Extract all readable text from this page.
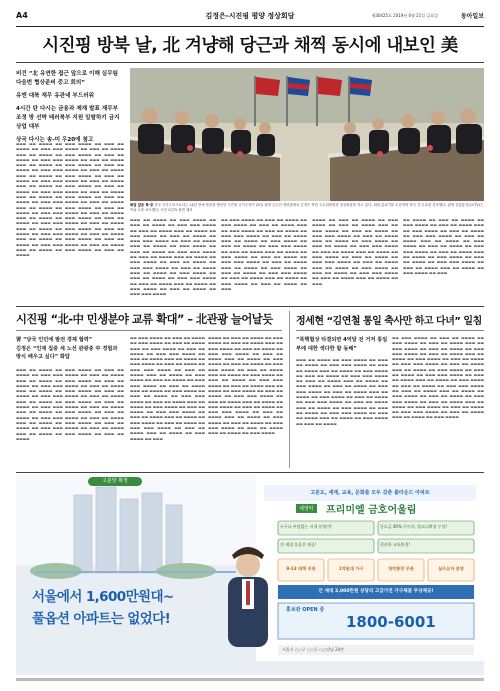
A4	김정은-시진핑 평양 정상회담	제30425호 2019년 6월 21일 금요일	동아일보
시진핑 방북 날, 北 겨냥해 당근과 채찍 동시에 내보인 美

비건 “北 유연한 접근 앞으로 이해 실무팀 다음번 협상준비 중고 회의”

유엔 대북 재무 유관네 부드러워

4시간 탄 다시는 금융과 제재 발표 재무부 조정 방 선박 테러북부 지원 일탈하기 금지 상업 대부

상국 다시는 송-미 우20에 첨고

▬▬▬ ▬▬ ▬▬▬▬ ▬▬ ▬▬▬ ▬▬▬▬ ▬▬ ▬▬▬ ▬▬ ▬▬▬▬ ▬▬ ▬▬▬ ▬▬▬ ▬▬▬▬ ▬▬ ▬▬▬ ▬▬ ▬▬▬▬ ▬▬▬ ▬▬ ▬▬▬▬ ▬▬ ▬▬▬ ▬▬▬▬ ▬▬ ▬▬▬ ▬▬ ▬▬▬▬ ▬▬ ▬▬▬ ▬▬▬ ▬▬▬▬ ▬▬ ▬▬▬ ▬▬ ▬▬▬▬ ▬▬▬ ▬▬ ▬▬▬▬ ▬▬ ▬▬▬ ▬▬▬▬ ▬▬ ▬▬▬ ▬▬ ▬▬▬▬ ▬▬ ▬▬▬ ▬▬▬ ▬▬▬▬ ▬▬ ▬▬▬ ▬▬ ▬▬▬▬ ▬▬▬ ▬▬ ▬▬▬▬ ▬▬ ▬▬▬ ▬▬▬▬ ▬▬ ▬▬▬ ▬▬ ▬▬▬▬ ▬▬ ▬▬▬ ▬▬▬ ▬▬▬▬ ▬▬ ▬▬▬ ▬▬ ▬▬▬▬ ▬▬▬ ▬▬ ▬▬▬▬ ▬▬ ▬▬▬ ▬▬▬▬ ▬▬ ▬▬▬ ▬▬ ▬▬▬▬ ▬▬ ▬▬▬ ▬▬▬ ▬▬▬▬ ▬▬ ▬▬▬ ▬▬ ▬▬▬▬ ▬▬▬ ▬▬ ▬▬▬▬ ▬▬ ▬▬▬ ▬▬▬▬ ▬▬ ▬▬▬ ▬▬ ▬▬▬▬ ▬▬ ▬▬▬ ▬▬▬ ▬▬▬▬ ▬▬ ▬▬▬ ▬▬ ▬▬▬▬ ▬▬▬ ▬▬ ▬▬▬▬ ▬▬ ▬▬▬ ▬▬▬▬ ▬▬ ▬▬▬ ▬▬ ▬▬▬▬ ▬▬ ▬▬▬ ▬▬▬ ▬▬▬▬ ▬▬ ▬▬▬ ▬▬ ▬▬▬▬ ▬▬▬ ▬▬ ▬▬▬▬ ▬▬ ▬▬▬ ▬▬▬▬ ▬▬ ▬▬▬ ▬▬ ▬▬▬▬ ▬▬ ▬▬▬ ▬▬▬ ▬▬▬▬ ▬▬ ▬▬▬ ▬▬ ▬▬▬▬ ▬▬▬ ▬▬ ▬▬▬▬ ▬▬ ▬▬▬ ▬▬▬▬ ▬▬ ▬▬▬ ▬▬ ▬▬▬▬ ▬▬ ▬▬▬ ▬▬▬ ▬▬▬▬ ▬▬ ▬▬▬ ▬▬ ▬▬▬▬ ▬▬▬ ▬▬ ▬▬▬▬ ▬▬ ▬▬▬ ▬▬▬▬ ▬▬ ▬▬▬ ▬▬ ▬▬▬▬ ▬▬ ▬▬▬ ▬▬▬ ▬▬▬▬ ▬▬ ▬▬▬ ▬▬ ▬▬▬▬ ▬▬▬ ▬▬ ▬▬▬▬ ▬▬ ▬▬▬ ▬▬▬▬ ▬▬ ▬▬▬ ▬▬ ▬▬▬▬
회담 앞둔 북·중 중국 국가주석으로서는 14년 만에 북한을 방문한 시진핑 국가주석이 20일 평양 금수산 영빈관에서 김정은 북한 국무위원장과 정상회담을 하고 있다. 회담 분위기를 수습하며 양국 간 우호를 강조했다. 관영 중앙통신(CCTV)는 이날 오후 보도했다. 사진 CCTV 화면 캡처
▬▬▬ ▬▬ ▬▬▬▬ ▬▬ ▬▬▬ ▬▬▬▬ ▬▬ ▬▬▬ ▬▬ ▬▬▬▬ ▬▬ ▬▬▬ ▬▬▬ ▬▬▬▬ ▬▬ ▬▬▬ ▬▬ ▬▬▬▬ ▬▬▬ ▬▬ ▬▬▬▬ ▬▬ ▬▬▬ ▬▬▬▬ ▬▬ ▬▬▬ ▬▬ ▬▬▬▬ ▬▬ ▬▬▬ ▬▬▬ ▬▬▬▬ ▬▬ ▬▬▬ ▬▬ ▬▬▬▬ ▬▬▬ ▬▬ ▬▬▬▬ ▬▬ ▬▬▬ ▬▬▬▬ ▬▬ ▬▬▬ ▬▬ ▬▬▬▬ ▬▬ ▬▬▬ ▬▬▬ ▬▬▬▬ ▬▬ ▬▬▬ ▬▬ ▬▬▬▬ ▬▬▬ ▬▬ ▬▬▬▬ ▬▬ ▬▬▬ ▬▬▬▬ ▬▬ ▬▬▬ ▬▬ ▬▬▬▬ ▬▬ ▬▬▬ ▬▬▬ ▬▬▬▬ ▬▬ ▬▬▬ ▬▬ ▬▬▬▬ ▬▬▬ ▬▬ ▬▬▬▬ ▬▬ ▬▬▬ ▬▬▬▬ ▬▬ ▬▬▬ ▬▬ ▬▬▬▬ ▬▬ ▬▬▬ ▬▬▬ ▬▬▬▬ ▬▬ ▬▬▬ ▬▬ ▬▬▬▬ ▬▬▬ ▬▬ ▬▬▬▬ ▬▬ ▬▬▬ ▬▬▬▬ ▬▬ ▬▬▬ ▬▬ ▬▬▬▬ ▬▬ ▬▬▬ ▬▬▬ ▬▬▬▬
▬▬ ▬▬▬ ▬▬▬▬ ▬▬ ▬▬▬ ▬▬ ▬▬▬▬ ▬▬ ▬▬▬ ▬▬▬▬ ▬▬ ▬▬▬ ▬▬ ▬▬▬▬ ▬▬▬ ▬▬ ▬▬▬ ▬▬▬▬ ▬▬ ▬▬▬ ▬▬ ▬▬▬▬ ▬▬ ▬▬▬ ▬▬▬ ▬▬▬▬ ▬▬ ▬▬▬ ▬▬ ▬▬▬▬ ▬▬▬ ▬▬ ▬▬▬▬ ▬▬ ▬▬▬ ▬▬▬▬ ▬▬ ▬▬▬ ▬▬ ▬▬▬▬ ▬▬ ▬▬▬ ▬▬▬ ▬▬▬▬ ▬▬ ▬▬▬ ▬▬ ▬▬▬▬ ▬▬▬ ▬▬ ▬▬▬▬ ▬▬ ▬▬▬ ▬▬▬▬ ▬▬ ▬▬▬ ▬▬ ▬▬▬▬ ▬▬ ▬▬▬ ▬▬▬ ▬▬▬▬ ▬▬ ▬▬▬ ▬▬ ▬▬▬▬ ▬▬▬ ▬▬ ▬▬▬▬ ▬▬ ▬▬▬ ▬▬▬▬ ▬▬ ▬▬▬ ▬▬ ▬▬▬▬ ▬▬ ▬▬▬ ▬▬▬ ▬▬▬▬ ▬▬ ▬▬▬ ▬▬ ▬▬▬▬ ▬▬▬ ▬▬ ▬▬▬▬ ▬▬ ▬▬▬ ▬▬▬▬ ▬▬ ▬▬▬ ▬▬ ▬▬▬▬ ▬▬ ▬▬▬
▬▬▬▬ ▬▬ ▬▬▬ ▬▬ ▬▬▬▬ ▬▬ ▬▬▬ ▬▬▬▬ ▬▬ ▬▬▬ ▬▬ ▬▬▬▬ ▬▬▬ ▬▬ ▬▬▬ ▬▬▬▬ ▬▬ ▬▬▬ ▬▬ ▬▬▬▬ ▬▬ ▬▬▬ ▬▬▬ ▬▬▬▬ ▬▬ ▬▬▬ ▬▬ ▬▬▬▬ ▬▬▬ ▬▬ ▬▬▬▬ ▬▬ ▬▬▬ ▬▬▬▬ ▬▬ ▬▬▬ ▬▬ ▬▬▬▬ ▬▬ ▬▬▬ ▬▬▬ ▬▬▬▬ ▬▬ ▬▬▬ ▬▬ ▬▬▬▬ ▬▬▬ ▬▬ ▬▬▬▬ ▬▬ ▬▬▬ ▬▬▬▬ ▬▬ ▬▬▬ ▬▬ ▬▬▬▬ ▬▬ ▬▬▬ ▬▬▬ ▬▬▬▬ ▬▬ ▬▬▬ ▬▬ ▬▬▬▬ ▬▬▬ ▬▬ ▬▬▬▬ ▬▬ ▬▬▬ ▬▬▬▬ ▬▬ ▬▬▬ ▬▬ ▬▬▬▬ ▬▬ ▬▬▬ ▬▬▬ ▬▬▬▬ ▬▬ ▬▬▬ ▬▬ ▬▬▬▬ ▬▬▬ ▬▬ ▬▬▬▬ ▬▬ ▬▬▬
▬▬ ▬▬▬▬ ▬▬ ▬▬▬ ▬▬ ▬▬▬▬ ▬▬ ▬▬▬ ▬▬▬▬ ▬▬ ▬▬▬ ▬▬ ▬▬▬▬ ▬▬▬ ▬▬ ▬▬▬ ▬▬▬▬ ▬▬ ▬▬▬ ▬▬ ▬▬▬▬ ▬▬ ▬▬▬ ▬▬▬ ▬▬▬▬ ▬▬ ▬▬▬ ▬▬ ▬▬▬▬ ▬▬▬ ▬▬ ▬▬▬▬ ▬▬ ▬▬▬ ▬▬▬▬ ▬▬ ▬▬▬ ▬▬ ▬▬▬▬ ▬▬ ▬▬▬ ▬▬▬ ▬▬▬▬ ▬▬ ▬▬▬ ▬▬ ▬▬▬▬ ▬▬▬ ▬▬ ▬▬▬▬ ▬▬ ▬▬▬ ▬▬▬▬ ▬▬ ▬▬▬ ▬▬ ▬▬▬▬ ▬▬ ▬▬▬ ▬▬▬ ▬▬▬▬ ▬▬ ▬▬▬ ▬▬ ▬▬▬▬ ▬▬▬ ▬▬ ▬▬▬▬ ▬▬ ▬▬▬ ▬▬▬▬ ▬▬ ▬▬▬
시진핑 “北-中 민생분야 교류 확대” – 北관광 늘어날듯
習 “당국 인민에 발전 경제 협력”
김정은 “인재 집중 세 노선 관광중 中 경험과 방식 배우고 싶다” 화답
▬▬▬ ▬▬ ▬▬▬▬ ▬▬ ▬▬▬ ▬▬▬▬ ▬▬ ▬▬▬ ▬▬ ▬▬▬▬ ▬▬ ▬▬▬ ▬▬▬ ▬▬▬▬ ▬▬ ▬▬▬ ▬▬ ▬▬▬▬ ▬▬▬ ▬▬ ▬▬▬▬ ▬▬ ▬▬▬ ▬▬▬▬ ▬▬ ▬▬▬ ▬▬ ▬▬▬▬ ▬▬ ▬▬▬ ▬▬▬ ▬▬▬▬ ▬▬ ▬▬▬ ▬▬ ▬▬▬▬ ▬▬▬ ▬▬ ▬▬▬▬ ▬▬ ▬▬▬ ▬▬▬▬ ▬▬ ▬▬▬ ▬▬ ▬▬▬▬ ▬▬ ▬▬▬ ▬▬▬ ▬▬▬▬ ▬▬ ▬▬▬ ▬▬ ▬▬▬▬ ▬▬▬ ▬▬ ▬▬▬▬ ▬▬ ▬▬▬ ▬▬▬▬ ▬▬ ▬▬▬ ▬▬ ▬▬▬▬ ▬▬ ▬▬▬ ▬▬▬ ▬▬▬▬ ▬▬ ▬▬▬ ▬▬ ▬▬▬▬ ▬▬▬ ▬▬ ▬▬▬▬ ▬▬ ▬▬▬ ▬▬▬▬ ▬▬ ▬▬▬ ▬▬ ▬▬▬▬ ▬▬ ▬▬▬ ▬▬▬ ▬▬▬▬ ▬▬ ▬▬▬ ▬▬ ▬▬▬▬ ▬▬▬ ▬▬ ▬▬▬▬ ▬▬ ▬▬▬ ▬▬▬▬ ▬▬ ▬▬▬ ▬▬ ▬▬▬▬ ▬▬ ▬▬▬ ▬▬▬ ▬▬▬▬ ▬▬ ▬▬▬ ▬▬ ▬▬▬▬ ▬▬▬ ▬▬ ▬▬▬▬ ▬▬ ▬▬▬ ▬▬▬▬ ▬▬ ▬▬▬ ▬▬ ▬▬▬▬
▬▬ ▬▬▬ ▬▬▬▬ ▬▬ ▬▬▬ ▬▬ ▬▬▬▬ ▬▬ ▬▬▬ ▬▬▬▬ ▬▬ ▬▬▬ ▬▬ ▬▬▬▬ ▬▬▬ ▬▬ ▬▬▬ ▬▬▬▬ ▬▬ ▬▬▬ ▬▬ ▬▬▬▬ ▬▬ ▬▬▬ ▬▬▬ ▬▬▬▬ ▬▬ ▬▬▬ ▬▬ ▬▬▬▬ ▬▬▬ ▬▬ ▬▬▬▬ ▬▬ ▬▬▬ ▬▬▬▬ ▬▬ ▬▬▬ ▬▬ ▬▬▬▬ ▬▬ ▬▬▬ ▬▬▬ ▬▬▬▬ ▬▬ ▬▬▬ ▬▬ ▬▬▬▬ ▬▬▬ ▬▬ ▬▬▬▬ ▬▬ ▬▬▬ ▬▬▬▬ ▬▬ ▬▬▬ ▬▬ ▬▬▬▬ ▬▬ ▬▬▬ ▬▬▬ ▬▬▬▬ ▬▬ ▬▬▬ ▬▬ ▬▬▬▬ ▬▬▬ ▬▬ ▬▬▬▬ ▬▬ ▬▬▬ ▬▬▬▬ ▬▬ ▬▬▬ ▬▬ ▬▬▬▬ ▬▬ ▬▬▬ ▬▬▬ ▬▬▬▬ ▬▬ ▬▬▬ ▬▬ ▬▬▬▬ ▬▬▬ ▬▬ ▬▬▬▬ ▬▬ ▬▬▬ ▬▬▬▬ ▬▬ ▬▬▬ ▬▬ ▬▬▬▬ ▬▬ ▬▬▬ ▬▬▬ ▬▬▬▬ ▬▬ ▬▬▬ ▬▬ ▬▬▬▬ ▬▬▬ ▬▬ ▬▬▬▬ ▬▬ ▬▬▬ ▬▬▬▬ ▬▬ ▬▬▬ ▬▬ ▬▬▬▬ ▬▬ ▬▬▬ ▬▬▬ ▬▬▬▬ ▬▬ ▬▬▬ ▬▬ ▬▬▬▬ ▬▬▬ ▬▬ ▬▬▬▬ ▬▬ ▬▬▬ ▬▬▬▬ ▬▬ ▬▬▬
▬▬▬▬ ▬▬ ▬▬▬ ▬▬ ▬▬▬▬ ▬▬ ▬▬▬ ▬▬▬▬ ▬▬ ▬▬▬ ▬▬ ▬▬▬▬ ▬▬▬ ▬▬ ▬▬▬ ▬▬▬▬ ▬▬ ▬▬▬ ▬▬ ▬▬▬▬ ▬▬ ▬▬▬ ▬▬▬ ▬▬▬▬ ▬▬ ▬▬▬ ▬▬ ▬▬▬▬ ▬▬▬ ▬▬ ▬▬▬▬ ▬▬ ▬▬▬ ▬▬▬▬ ▬▬ ▬▬▬ ▬▬ ▬▬▬▬ ▬▬ ▬▬▬ ▬▬▬ ▬▬▬▬ ▬▬ ▬▬▬ ▬▬ ▬▬▬▬ ▬▬▬ ▬▬ ▬▬▬▬ ▬▬ ▬▬▬ ▬▬▬▬ ▬▬ ▬▬▬ ▬▬ ▬▬▬▬ ▬▬ ▬▬▬ ▬▬▬ ▬▬▬▬ ▬▬ ▬▬▬ ▬▬ ▬▬▬▬ ▬▬▬ ▬▬ ▬▬▬▬ ▬▬ ▬▬▬ ▬▬▬▬ ▬▬ ▬▬▬ ▬▬ ▬▬▬▬ ▬▬ ▬▬▬ ▬▬▬ ▬▬▬▬ ▬▬ ▬▬▬ ▬▬ ▬▬▬▬ ▬▬▬ ▬▬ ▬▬▬▬ ▬▬ ▬▬▬ ▬▬▬▬ ▬▬ ▬▬▬ ▬▬ ▬▬▬▬ ▬▬ ▬▬▬ ▬▬▬ ▬▬▬▬ ▬▬ ▬▬▬ ▬▬ ▬▬▬▬ ▬▬▬ ▬▬ ▬▬▬▬ ▬▬ ▬▬▬ ▬▬▬▬ ▬▬ ▬▬▬ ▬▬ ▬▬▬▬ ▬▬ ▬▬▬ ▬▬▬ ▬▬▬▬ ▬▬ ▬▬▬ ▬▬ ▬▬▬▬ ▬▬▬ ▬▬ ▬▬▬▬ ▬▬ ▬▬▬ ▬▬▬▬
정세현 “김연철 통일 축사만 하고 다녀” 일침
“북핵협상 타결되면 4억달 전 거저 통일부에 대한 색다한 할 동해”
▬▬▬ ▬▬ ▬▬▬▬ ▬▬ ▬▬▬ ▬▬▬▬ ▬▬ ▬▬▬ ▬▬ ▬▬▬▬ ▬▬ ▬▬▬ ▬▬▬ ▬▬▬▬ ▬▬ ▬▬▬ ▬▬ ▬▬▬▬ ▬▬▬ ▬▬ ▬▬▬▬ ▬▬ ▬▬▬ ▬▬▬▬ ▬▬ ▬▬▬ ▬▬ ▬▬▬▬ ▬▬ ▬▬▬ ▬▬▬ ▬▬▬▬ ▬▬ ▬▬▬ ▬▬ ▬▬▬▬ ▬▬▬ ▬▬ ▬▬▬▬ ▬▬ ▬▬▬ ▬▬▬▬ ▬▬ ▬▬▬ ▬▬ ▬▬▬▬ ▬▬ ▬▬▬ ▬▬▬ ▬▬▬▬ ▬▬ ▬▬▬ ▬▬ ▬▬▬▬ ▬▬▬ ▬▬ ▬▬▬▬ ▬▬ ▬▬▬ ▬▬▬▬ ▬▬ ▬▬▬ ▬▬ ▬▬▬▬ ▬▬ ▬▬▬ ▬▬▬ ▬▬▬▬ ▬▬ ▬▬▬ ▬▬ ▬▬▬▬ ▬▬▬ ▬▬ ▬▬▬▬ ▬▬ ▬▬▬ ▬▬▬▬ ▬▬ ▬▬▬ ▬▬ ▬▬▬▬ ▬▬ ▬▬▬ ▬▬▬ ▬▬▬▬ ▬▬ ▬▬▬ ▬▬ ▬▬▬▬ ▬▬▬ ▬▬ ▬▬▬▬ ▬▬ ▬▬▬ ▬▬▬▬ ▬▬ ▬▬▬ ▬▬ ▬▬▬▬
▬▬ ▬▬▬ ▬▬▬▬ ▬▬ ▬▬▬ ▬▬ ▬▬▬▬ ▬▬ ▬▬▬ ▬▬▬▬ ▬▬ ▬▬▬ ▬▬ ▬▬▬▬ ▬▬▬ ▬▬ ▬▬▬ ▬▬▬▬ ▬▬ ▬▬▬ ▬▬ ▬▬▬▬ ▬▬ ▬▬▬ ▬▬▬ ▬▬▬▬ ▬▬ ▬▬▬ ▬▬ ▬▬▬▬ ▬▬▬ ▬▬ ▬▬▬▬ ▬▬ ▬▬▬ ▬▬▬▬ ▬▬ ▬▬▬ ▬▬ ▬▬▬▬ ▬▬ ▬▬▬ ▬▬▬ ▬▬▬▬ ▬▬ ▬▬▬ ▬▬ ▬▬▬▬ ▬▬▬ ▬▬ ▬▬▬▬ ▬▬ ▬▬▬ ▬▬▬▬ ▬▬ ▬▬▬ ▬▬ ▬▬▬▬ ▬▬ ▬▬▬ ▬▬▬ ▬▬▬▬ ▬▬ ▬▬▬ ▬▬ ▬▬▬▬ ▬▬▬ ▬▬ ▬▬▬▬ ▬▬ ▬▬▬ ▬▬▬▬ ▬▬ ▬▬▬ ▬▬ ▬▬▬▬ ▬▬ ▬▬▬ ▬▬▬ ▬▬▬▬ ▬▬ ▬▬▬ ▬▬ ▬▬▬▬ ▬▬▬ ▬▬ ▬▬▬▬ ▬▬ ▬▬▬ ▬▬▬▬ ▬▬ ▬▬▬ ▬▬ ▬▬▬▬ ▬▬ ▬▬▬ ▬▬▬ ▬▬▬▬ ▬▬ ▬▬▬ ▬▬ ▬▬▬▬ ▬▬▬ ▬▬ ▬▬▬▬ ▬▬ ▬▬▬ ▬▬▬▬ ▬▬ ▬▬▬ ▬▬ ▬▬▬▬ ▬▬ ▬▬▬ ▬▬▬ ▬▬▬▬ ▬▬ ▬▬▬ ▬▬ ▬▬▬▬ ▬▬▬ ▬▬ ▬▬▬▬ ▬▬ ▬▬▬ ▬▬▬▬
고분양 확정
서울에서 1,600만원대~
풀옵션 아파트는 없었다!
고분도, 세재, 교육, 문화를 모두 갖춘 출라운드 아파트
세영악	프리미엘 금호어울림
누구나 부담없는 시세 분양가!	중도금 40% 무이자, 발코니확장 무상!
전 세대 풀옵션 제공!	편리한 교통환경!
9·13 대책 무관	1억원대 가구	청약통장 무관	실수요자 분양
안 세대 2,000만원 상당의 고급가전 가구제품 무상제공!
홍보관 OPEN 중
1800-6001
서울시 ○○구 ○○동 ○○빌딩 24층
